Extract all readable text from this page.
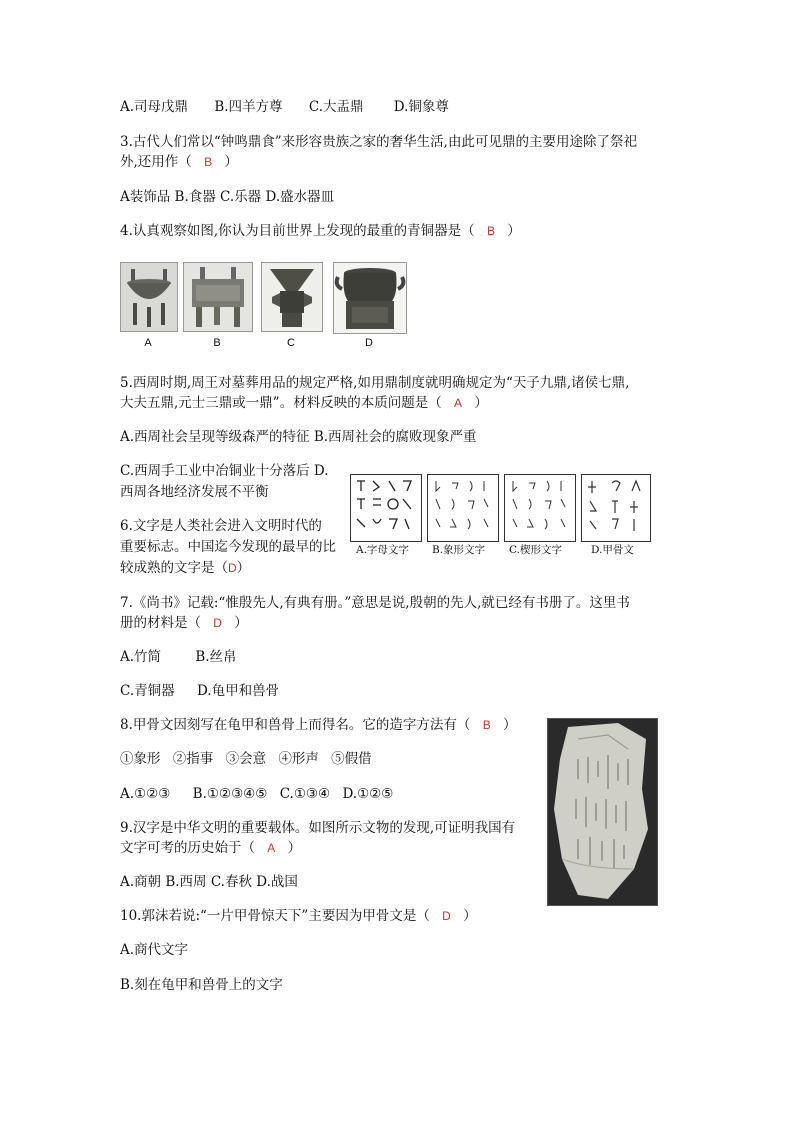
A.司母戊鼎 B.四羊方尊 C.大盂鼎 D.铜象尊
3.古代人们常以“钟鸣鼎食”来形容贵族之家的奢华生活,由此可见鼎的主要用途除了祭祀
外,还用作（ B ）
A装饰品 B.食器 C.乐器 D.盛水器皿
4.认真观察如图,你认为目前世界上发现的最重的青铜器是（ B ）
A	B	C	D
5.西周时期,周王对墓葬用品的规定严格,如用鼎制度就明确规定为“天子九鼎,诸侯七鼎,
大夫五鼎,元士三鼎或一鼎”。材料反映的本质问题是（ A ）
A.西周社会呈现等级森严的特征 B.西周社会的腐败现象严重
C.西周手工业中冶铜业十分落后 D.
西周各地经济发展不平衡
6.文字是人类社会进入文明时代的
重要标志。中国迄今发现的最早的比
较成熟的文字是（D）
A.字母文字 B.象形文字 C.楔形文字	D.甲骨文
7.《尚书》记载:“惟殷先人,有典有册。”意思是说,殷朝的先人,就已经有书册了。这里书
册的材料是（ D ）
A.竹简	B.丝帛
C.青铜器 D.龟甲和兽骨
8.甲骨文因刻写在龟甲和兽骨上而得名。它的造字方法有（ B ）
①象形 ②指事 ③会意 ④形声 ⑤假借
A.①②③ B.①②③④⑤ C.①③④ D.①②⑤
9.汉字是中华文明的重要载体。如图所示文物的发现,可证明我国有
文字可考的历史始于（ A ）
A.商朝 B.西周 C.春秋 D.战国
10.郭沫若说:“一片甲骨惊天下”主要因为甲骨文是（ D ）
A.商代文字
B.刻在龟甲和兽骨上的文字
